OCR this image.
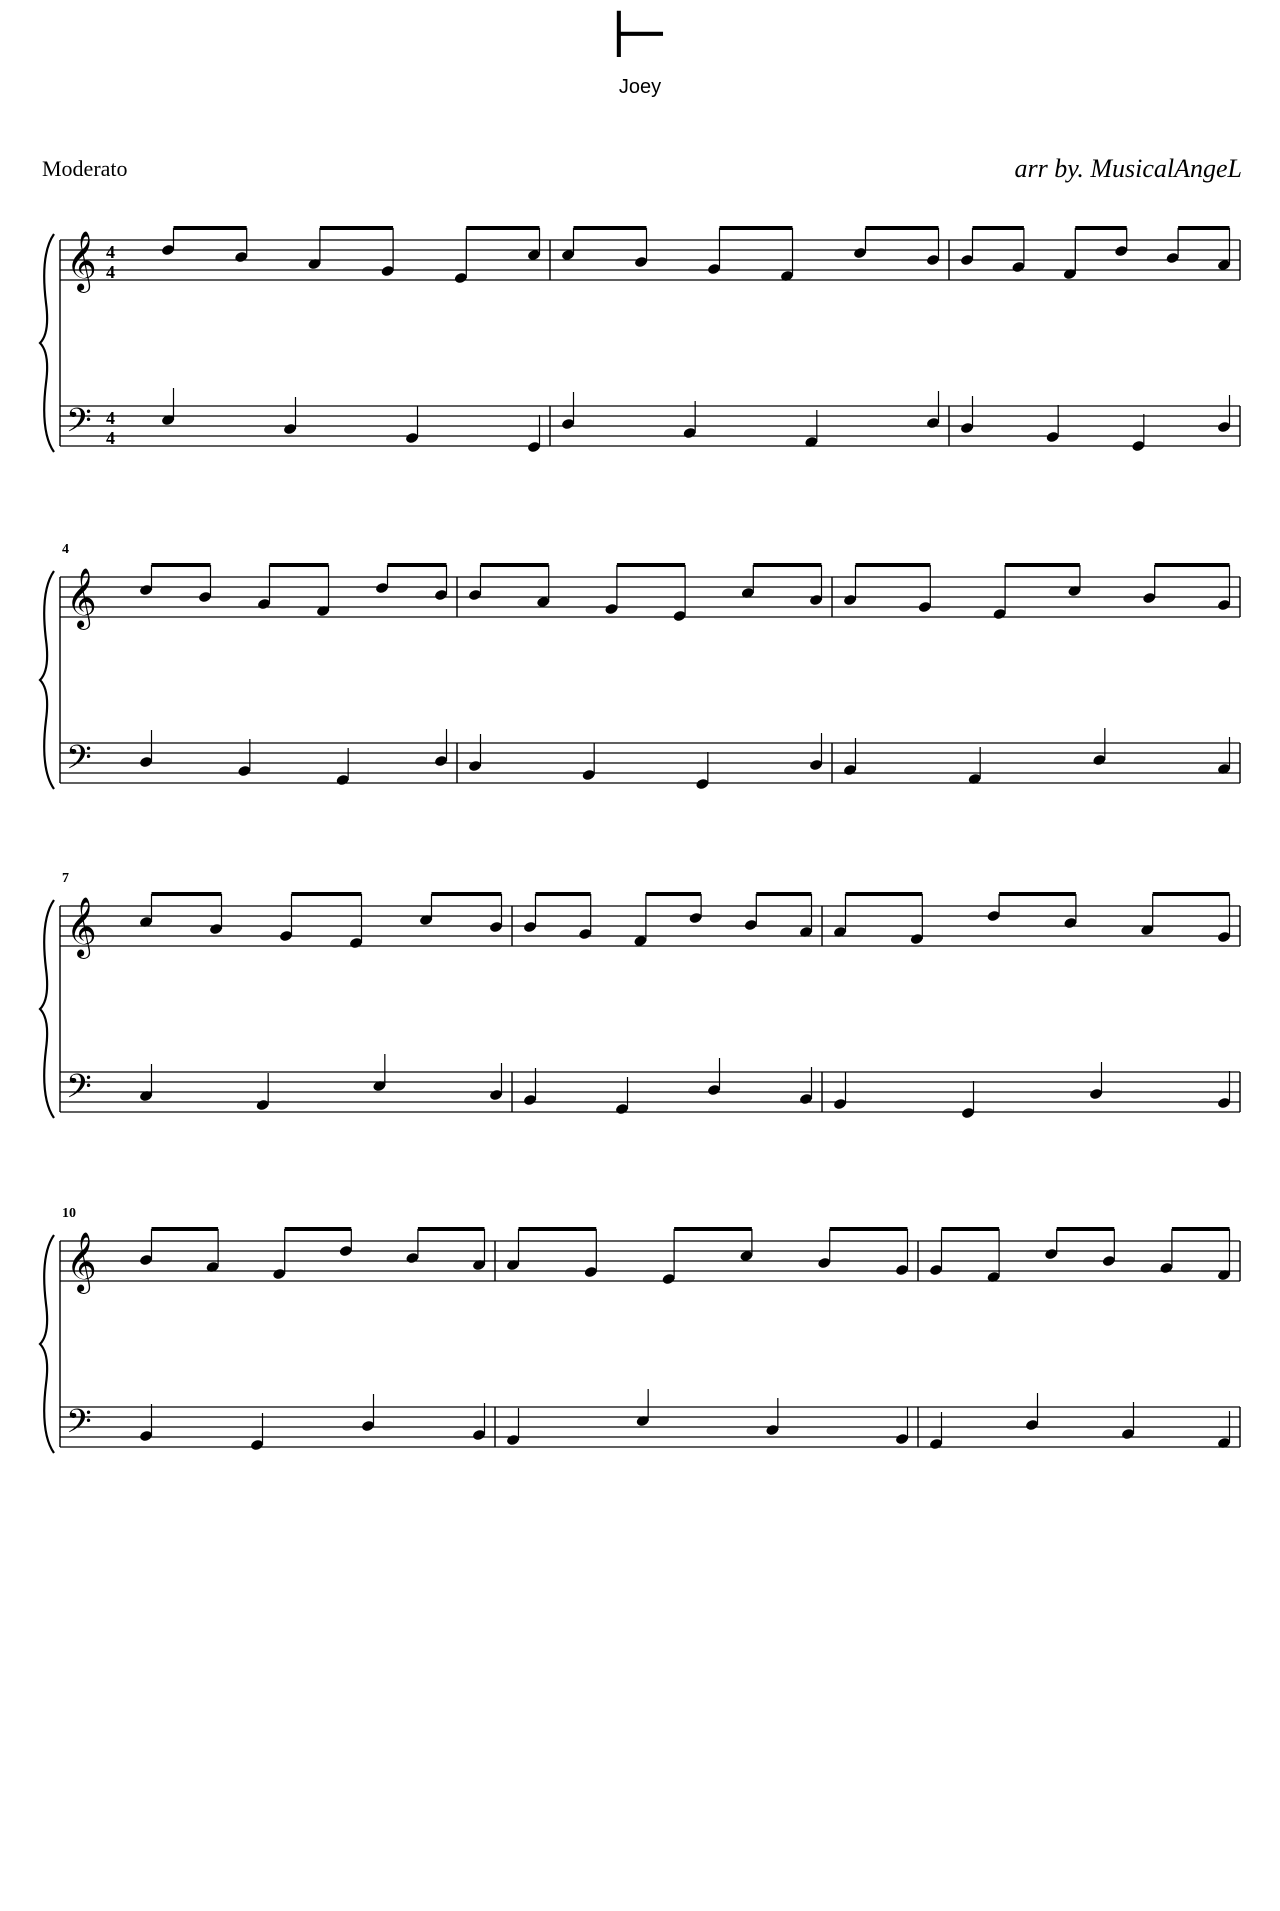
⊢
Joey
Moderato	arr by. MusicalAngeL
𝄞
𝄢
4
4
4
4
𝄞
𝄢
4
𝄞
𝄢
7
𝄞
𝄢
10
